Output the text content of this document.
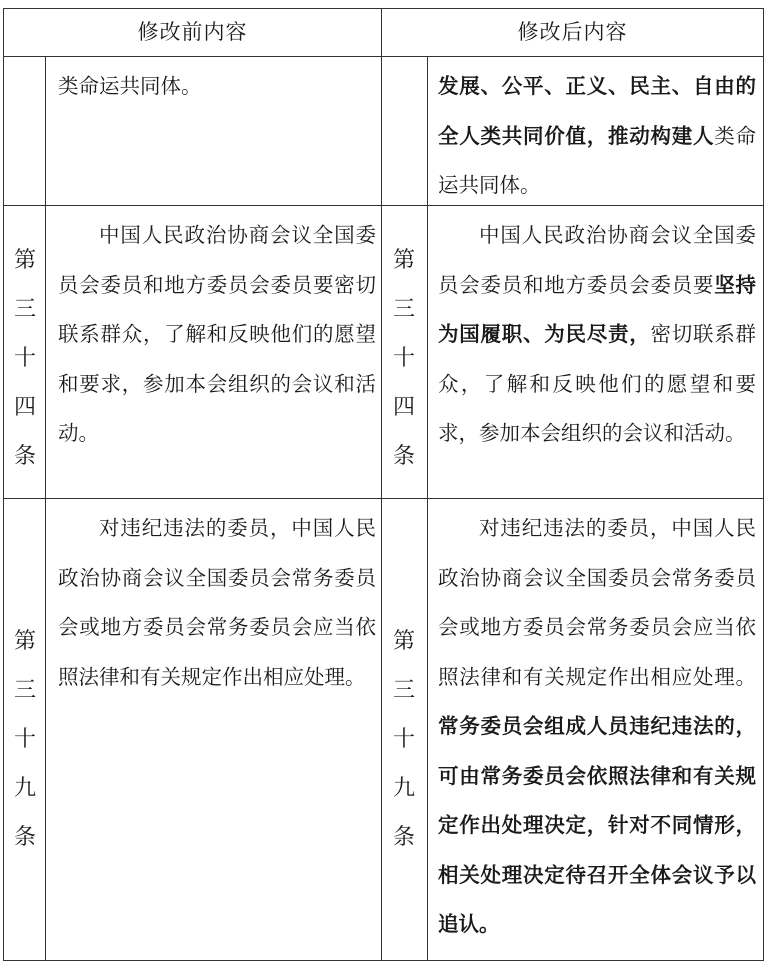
修改前内容	修改后内容

类命运共同体。	发展、公平、正义、民主、自由的全人类共同价值，推动构建人类命运共同体。

第
三
十
四
条
第
三
十
四
条

中国人民政治协商会议全国委员会委员和地方委员会委员要密切联系群众，了解和反映他们的愿望和要求，参加本会组织的会议和活动。

中国人民政治协商会议全国委员会委员和地方委员会委员要坚持为国履职、为民尽责，密切联系群众，了解和反映他们的愿望和要求，参加本会组织的会议和活动。

第
三
十
九
条
第
三
十
九
条

对违纪违法的委员，中国人民政治协商会议全国委员会常务委员会或地方委员会常务委员会应当依照法律和有关规定作出相应处理。

对违纪违法的委员，中国人民政治协商会议全国委员会常务委员会或地方委员会常务委员会应当依照法律和有关规定作出相应处理。常务委员会组成人员违纪违法的，可由常务委员会依照法律和有关规定作出处理决定，针对不同情形，相关处理决定待召开全体会议予以追认。
